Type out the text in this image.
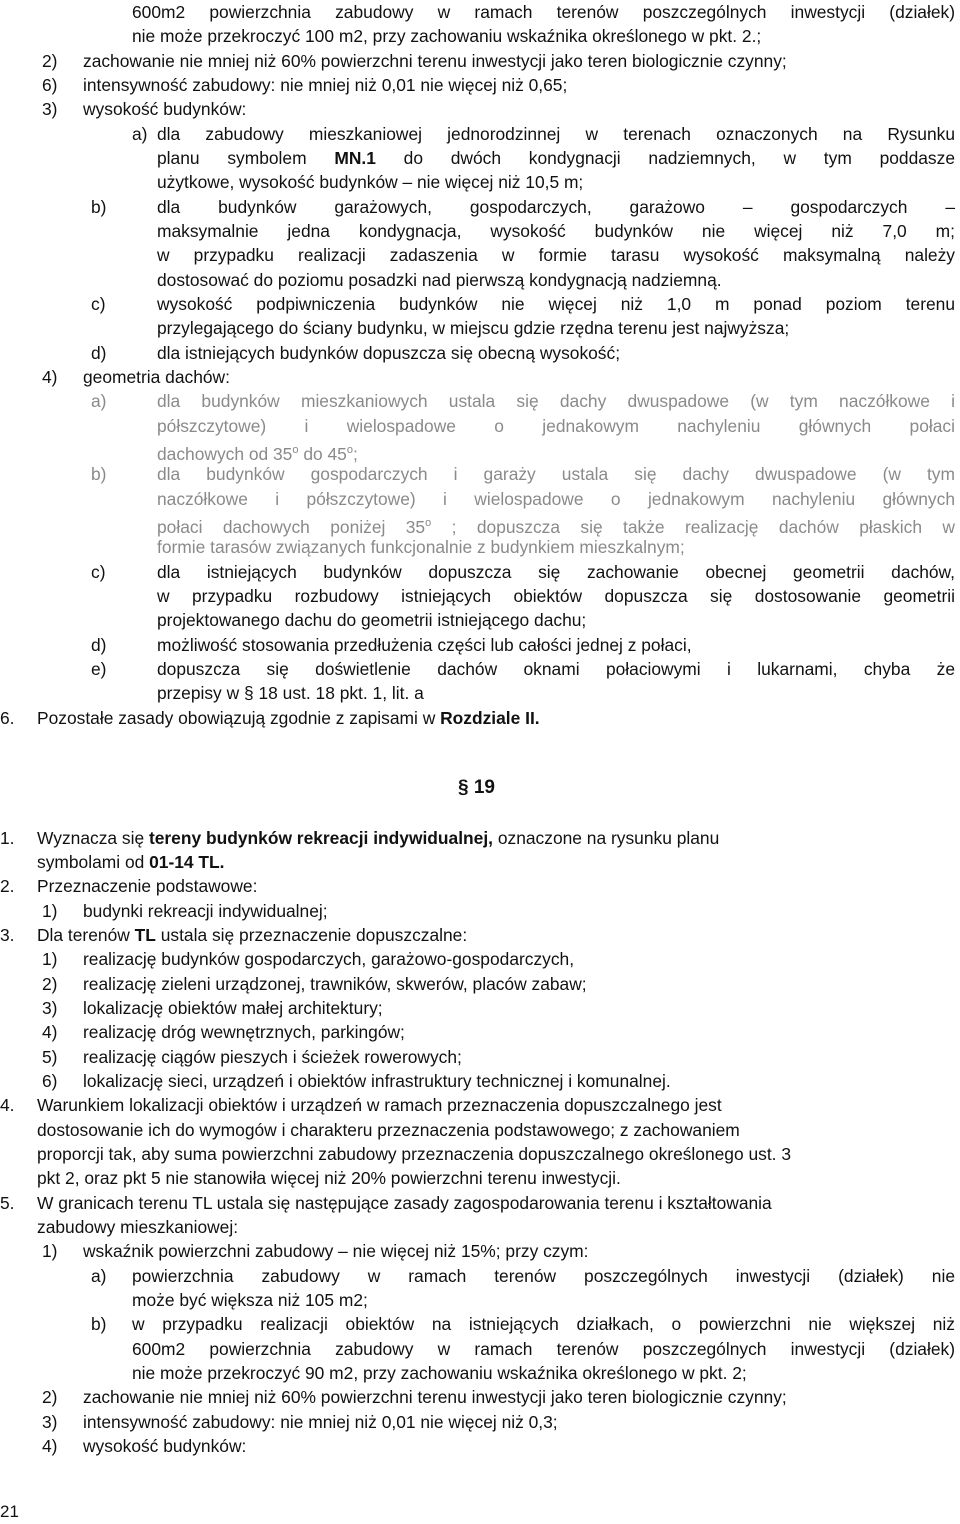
600m2 powierzchnia zabudowy w ramach terenów poszczególnych inwestycji (działek)
nie może przekroczyć 100 m2, przy zachowaniu wskaźnika określonego w pkt. 2.;
2) zachowanie nie mniej niż 60% powierzchni terenu inwestycji jako teren biologicznie czynny;
6) intensywność zabudowy: nie mniej niż 0,01 nie więcej niż 0,65;
3) wysokość budynków:
a) dla zabudowy mieszkaniowej jednorodzinnej w terenach oznaczonych na Rysunku
planu symbolem MN.1 do dwóch kondygnacji nadziemnych, w tym poddasze
użytkowe, wysokość budynków – nie więcej niż 10,5 m;
b)	dla budynków garażowych, gospodarczych, garażowo – gospodarczych –
maksymalnie jedna kondygnacja, wysokość budynków nie więcej niż 7,0 m;
w przypadku realizacji zadaszenia w formie tarasu wysokość maksymalną należy
dostosować do poziomu posadzki nad pierwszą kondygnacją nadziemną.
c)	wysokość podpiwniczenia budynków nie więcej niż 1,0 m ponad poziom terenu
przylegającego do ściany budynku, w miejscu gdzie rzędna terenu jest najwyższa;
d)	dla istniejących budynków dopuszcza się obecną wysokość;
4) geometria dachów:
a)	dla budynków mieszkaniowych ustala się dachy dwuspadowe (w tym naczółkowe i
półszczytowe) i wielospadowe o jednakowym nachyleniu głównych połaci
dachowych od 35$^o$ do 45$^o$;
b)	dla budynków gospodarczych i garaży ustala się dachy dwuspadowe (w tym
naczółkowe i półszczytowe) i wielospadowe o jednakowym nachyleniu głównych
połaci dachowych poniżej 35$^o$ ; dopuszcza się także realizację dachów płaskich w
formie tarasów związanych funkcjonalnie z budynkiem mieszkalnym;
c)	dla istniejących budynków dopuszcza się zachowanie obecnej geometrii dachów,
w przypadku rozbudowy istniejących obiektów dopuszcza się dostosowanie geometrii
projektowanego dachu do geometrii istniejącego dachu;
d)	możliwość stosowania przedłużenia części lub całości jednej z połaci,
e)	dopuszcza się doświetlenie dachów oknami połaciowymi i lukarnami, chyba że
przepisy w § 18 ust. 18 pkt. 1, lit. a
6. Pozostałe zasady obowiązują zgodnie z zapisami w Rozdziale II.
1. Wyznacza się tereny budynków rekreacji indywidualnej, oznaczone na rysunku planu
symbolami od 01-14 TL.
2. Przeznaczenie podstawowe:
1) budynki rekreacji indywidualnej;
3. Dla terenów TL ustala się przeznaczenie dopuszczalne:
1) realizację budynków gospodarczych, garażowo-gospodarczych,
2) realizację zieleni urządzonej, trawników, skwerów, placów zabaw;
3) lokalizację obiektów małej architektury;
4) realizację dróg wewnętrznych, parkingów;
5) realizację ciągów pieszych i ścieżek rowerowych;
6) lokalizację sieci, urządzeń i obiektów infrastruktury technicznej i komunalnej.
4. Warunkiem lokalizacji obiektów i urządzeń w ramach przeznaczenia dopuszczalnego jest
dostosowanie ich do wymogów i charakteru przeznaczenia podstawowego; z zachowaniem
proporcji tak, aby suma powierzchni zabudowy przeznaczenia dopuszczalnego określonego ust. 3
pkt 2, oraz pkt 5 nie stanowiła więcej niż 20% powierzchni terenu inwestycji.
5. W granicach terenu TL ustala się następujące zasady zagospodarowania terenu i kształtowania
zabudowy mieszkaniowej:
1) wskaźnik powierzchni zabudowy – nie więcej niż 15%; przy czym:
a) powierzchnia zabudowy w ramach terenów poszczególnych inwestycji (działek) nie
może być większa niż 105 m2;
b) w przypadku realizacji obiektów na istniejących działkach, o powierzchni nie większej niż
600m2 powierzchnia zabudowy w ramach terenów poszczególnych inwestycji (działek)
nie może przekroczyć 90 m2, przy zachowaniu wskaźnika określonego w pkt. 2;
2) zachowanie nie mniej niż 60% powierzchni terenu inwestycji jako teren biologicznie czynny;
3) intensywność zabudowy: nie mniej niż 0,01 nie więcej niż 0,3;
4) wysokość budynków:
§ 19
21
